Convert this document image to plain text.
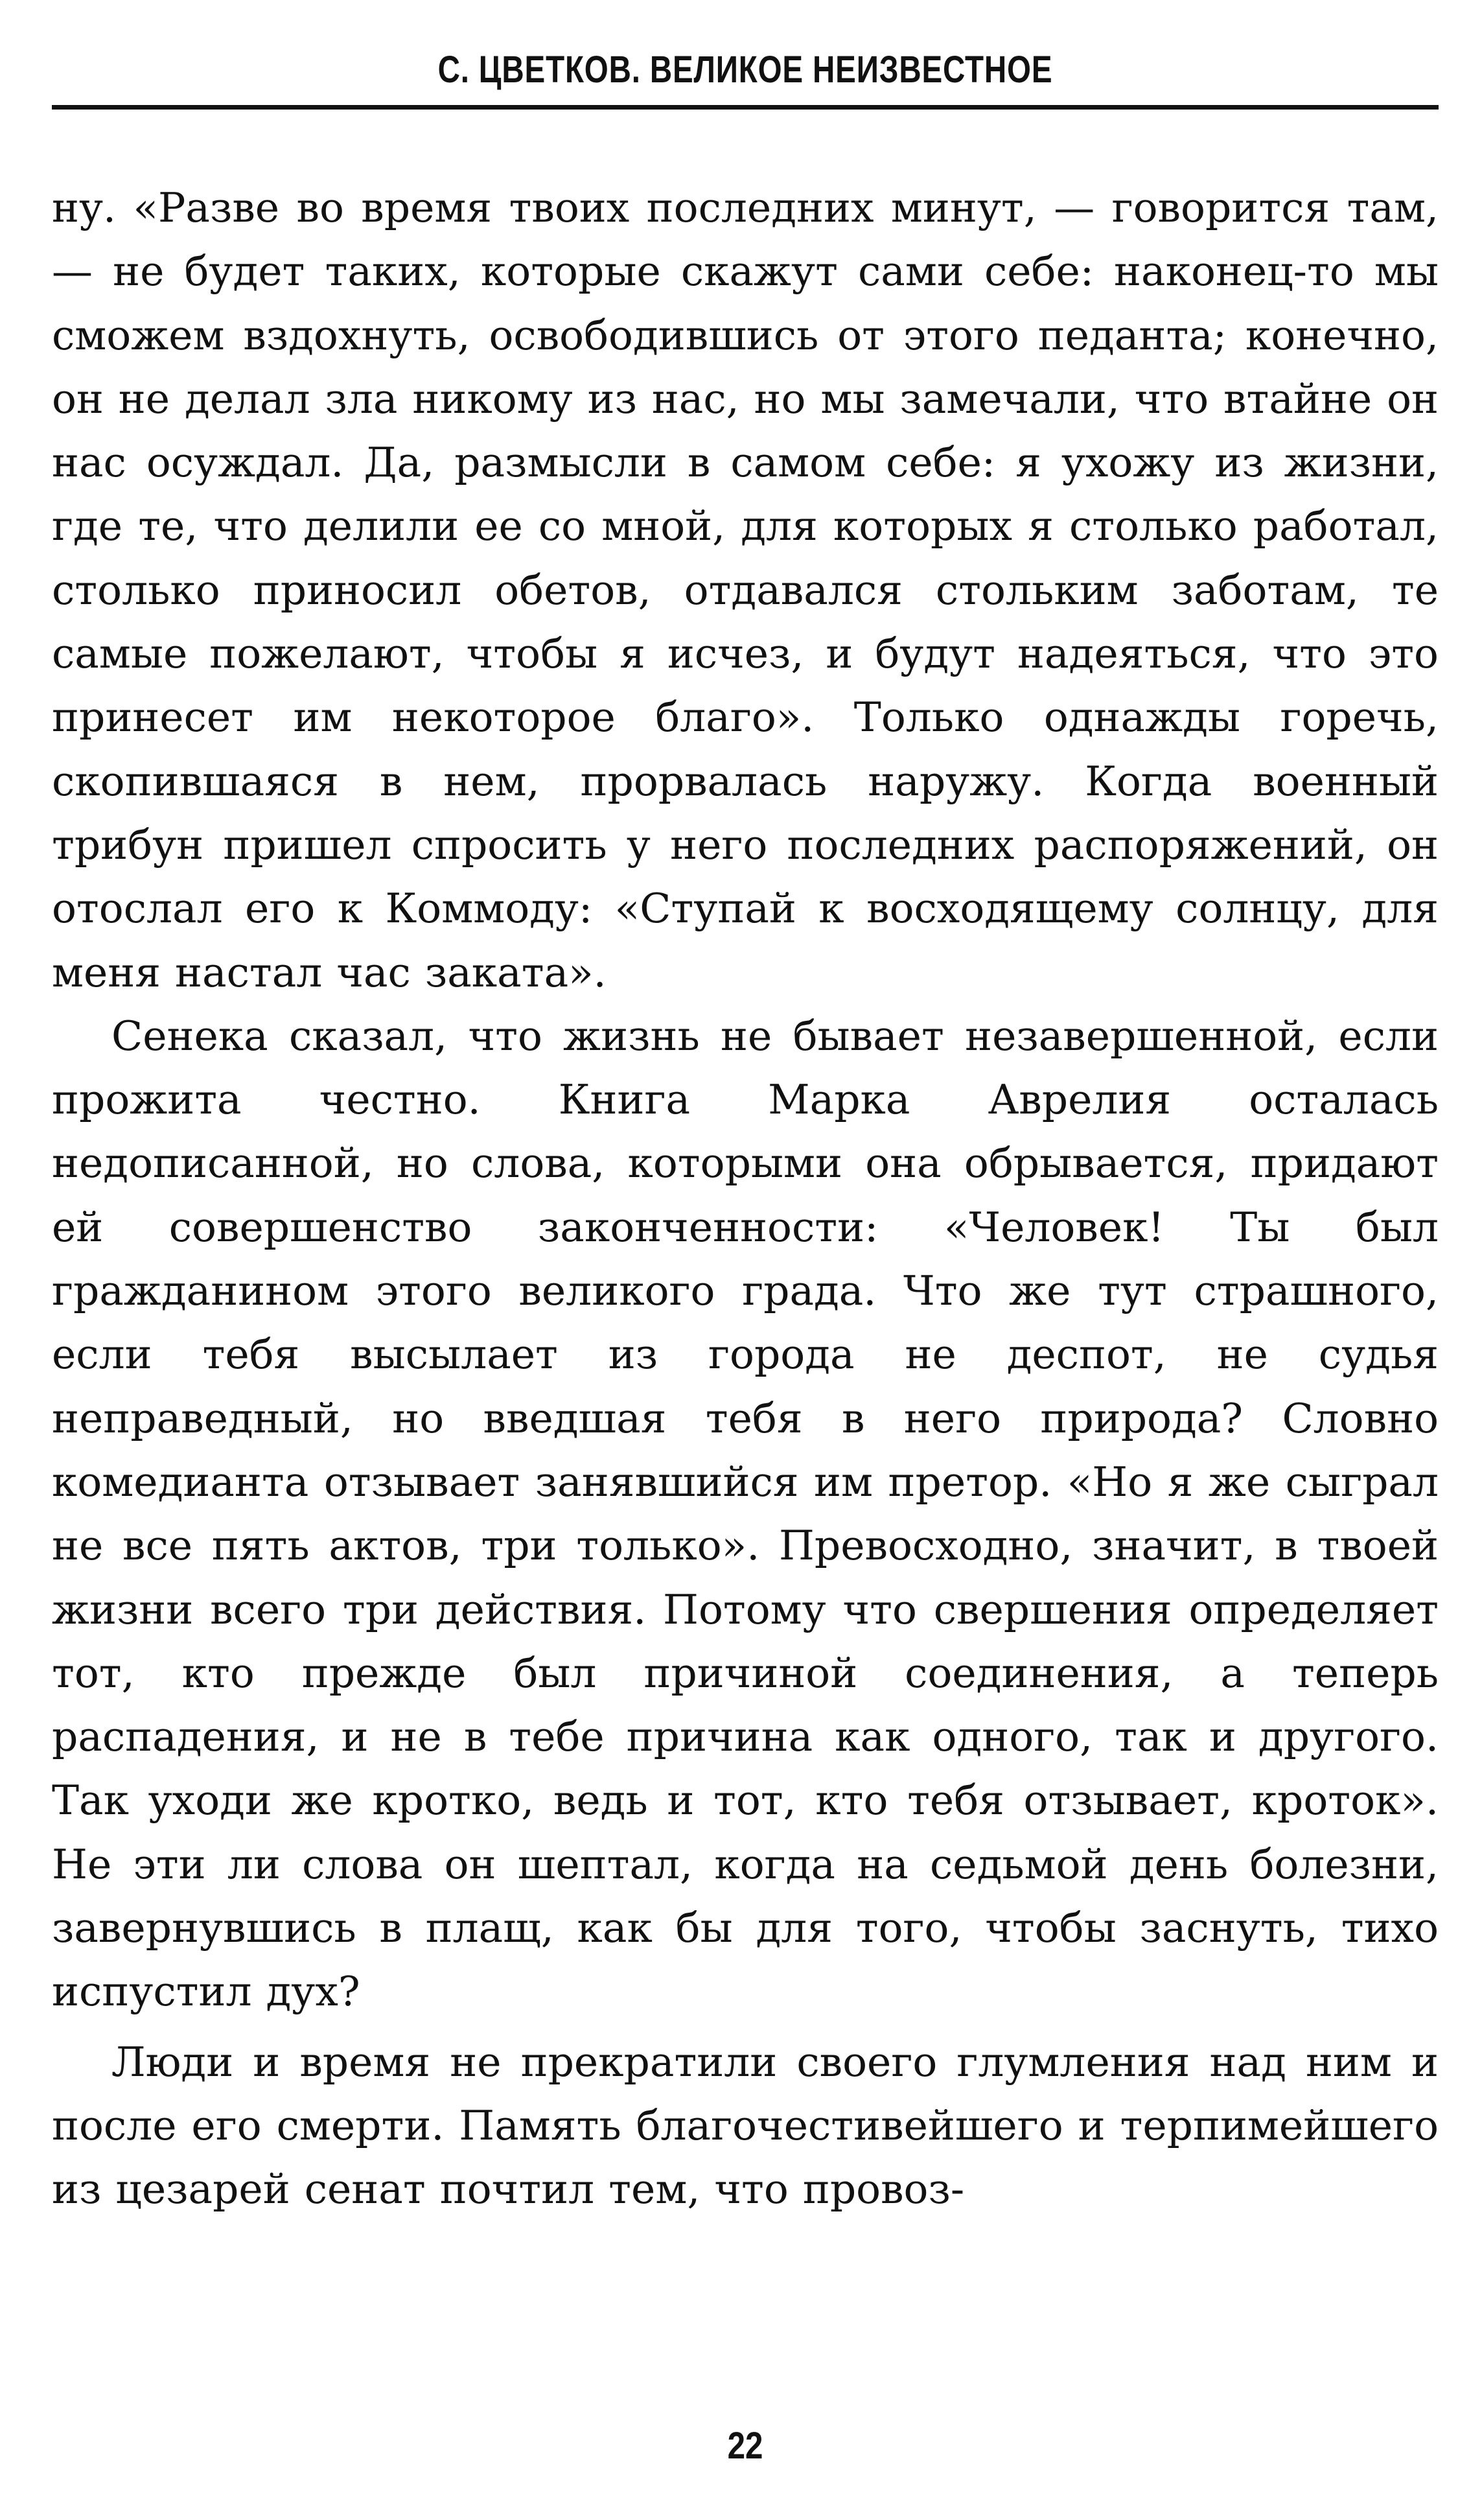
С. ЦВЕТКОВ. ВЕЛИКОЕ НЕИЗВЕСТНОЕ

ну. «Разве во время твоих последних минут, — говорится там, — не будет таких, которые скажут сами себе: наконец-то мы сможем вздохнуть, освободившись от этого педанта; конечно, он не делал зла никому из нас, но мы замечали, что втайне он нас осуждал. Да, размысли в самом себе: я ухожу из жизни, где те, что делили ее со мной, для которых я столько работал, столько приносил обетов, отдавался стольким заботам, те самые пожелают, чтобы я исчез, и будут надеяться, что это принесет им некоторое благо». Только однажды горечь, скопившаяся в нем, прорвалась наружу. Когда военный трибун пришел спросить у него последних распоряжений, он отослал его к Коммоду: «Ступай к восходящему солнцу, для меня настал час заката».

Сенека сказал, что жизнь не бывает незавершенной, если прожита честно. Книга Марка Аврелия осталась недописанной, но слова, которыми она обрывается, придают ей совершенство законченности: «Человек! Ты был гражданином этого великого града. Что же тут страшного, если тебя высылает из города не деспот, не судья неправедный, но введшая тебя в него природа? Словно комедианта отзывает занявшийся им претор. «Но я же сыграл не все пять актов, три только». Превосходно, значит, в твоей жизни всего три действия. Потому что свершения определяет тот, кто прежде был причиной соединения, а теперь распадения, и не в тебе причина как одного, так и другого. Так уходи же кротко, ведь и тот, кто тебя отзывает, кроток». Не эти ли слова он шептал, когда на седьмой день болезни, завернувшись в плащ, как бы для того, чтобы заснуть, тихо испустил дух?

Люди и время не прекратили своего глумления над ним и после его смерти. Память благочестивейшего и терпимейшего из цезарей сенат почтил тем, что провоз-

22
